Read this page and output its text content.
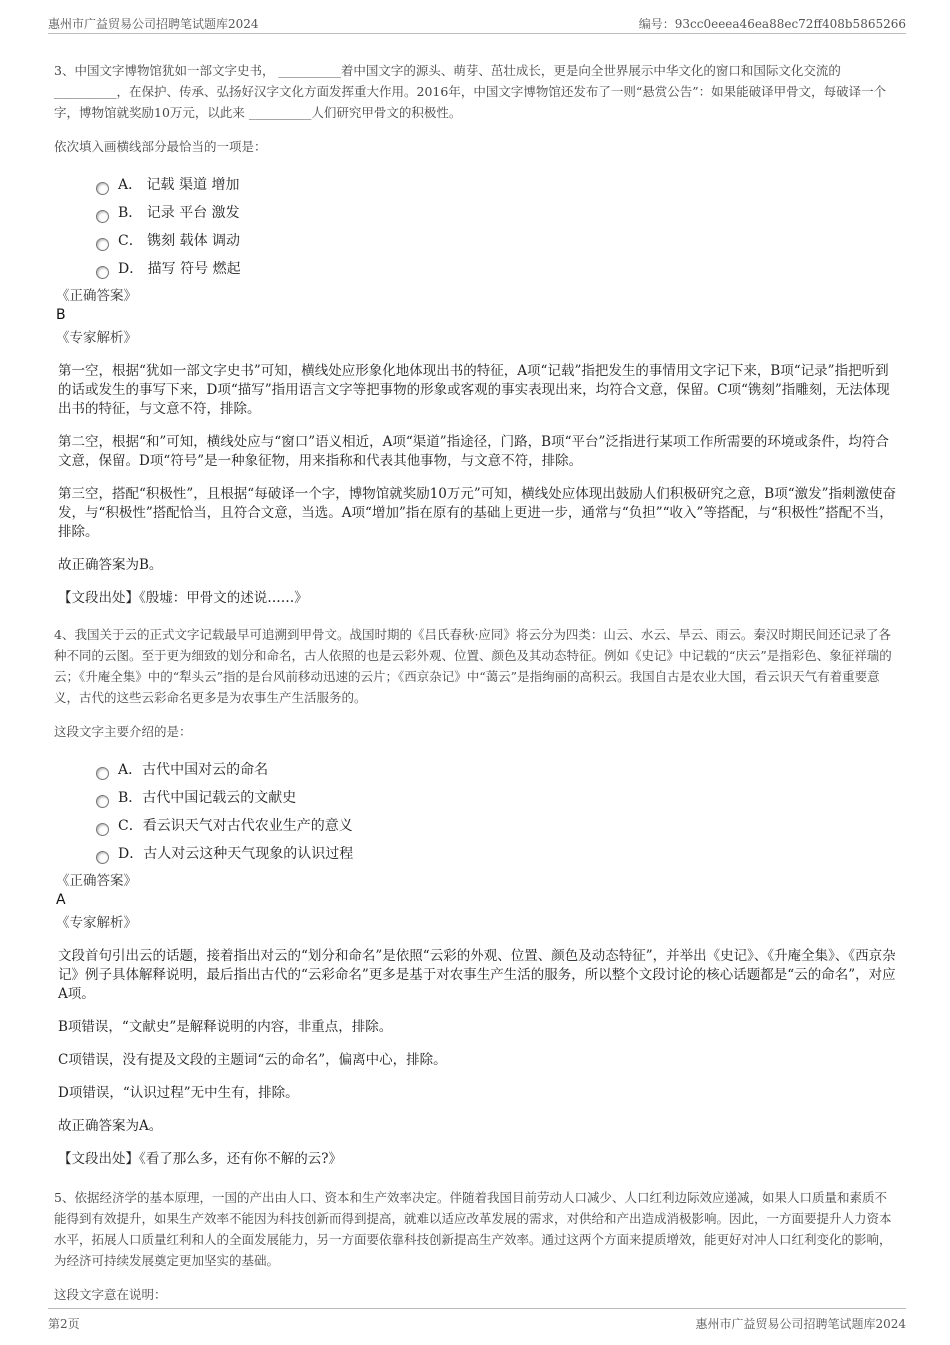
惠州市广益贸易公司招聘笔试题库2024	编号：93cc0eeea46ea88ec72ff408b5865266

3、中国文字博物馆犹如一部文字史书， __________着中国文字的源头、萌芽、茁壮成长，更是向全世界展示中华文化的窗口和国际文化交流的__________，在保护、传承、弘扬好汉字文化方面发挥重大作用。2016年，中国文字博物馆还发布了一则“悬赏公告”：如果能破译甲骨文，每破译一个字，博物馆就奖励10万元，以此来 __________人们研究甲骨文的积极性。

依次填入画横线部分最恰当的一项是：

A． 记载 渠道 增加
B． 记录 平台 激发
C． 镌刻 载体 调动
D． 描写 符号 燃起
《正确答案》
B
《专家解析》

第一空，根据“犹如一部文字史书”可知，横线处应形象化地体现出书的特征，A项“记载”指把发生的事情用文字记下来，B项“记录”指把听到的话或发生的事写下来，D项“描写”指用语言文字等把事物的形象或客观的事实表现出来，均符合文意，保留。C项“镌刻”指雕刻，无法体现出书的特征，与文意不符，排除。

第二空，根据“和”可知，横线处应与“窗口”语义相近，A项“渠道”指途径，门路，B项“平台”泛指进行某项工作所需要的环境或条件，均符合文意，保留。D项“符号”是一种象征物，用来指称和代表其他事物，与文意不符，排除。

第三空，搭配“积极性”，且根据“每破译一个字，博物馆就奖励10万元”可知，横线处应体现出鼓励人们积极研究之意，B项“激发”指刺激使奋发，与“积极性”搭配恰当，且符合文意，当选。A项“增加”指在原有的基础上更进一步，通常与“负担”“收入”等搭配，与“积极性”搭配不当，排除。

故正确答案为B。

【文段出处】《殷墟：甲骨文的述说……》

4、我国关于云的正式文字记载最早可追溯到甲骨文。战国时期的《吕氏春秋·应同》将云分为四类：山云、水云、旱云、雨云。秦汉时期民间还记录了各种不同的云图。至于更为细致的划分和命名，古人依照的也是云彩外观、位置、颜色及其动态特征。例如《史记》中记载的“庆云”是指彩色、象征祥瑞的云；《升庵全集》中的“犁头云”指的是台风前移动迅速的云片；《西京杂记》中“蔼云”是指绚丽的高积云。我国自古是农业大国，看云识天气有着重要意义，古代的这些云彩命名更多是为农事生产生活服务的。

这段文字主要介绍的是：

A．古代中国对云的命名
B．古代中国记载云的文献史
C．看云识天气对古代农业生产的意义
D．古人对云这种天气现象的认识过程
《正确答案》
A
《专家解析》

文段首句引出云的话题，接着指出对云的“划分和命名”是依照“云彩的外观、位置、颜色及动态特征”，并举出《史记》、《升庵全集》、《西京杂记》例子具体解释说明，最后指出古代的“云彩命名”更多是基于对农事生产生活的服务，所以整个文段讨论的核心话题都是“云的命名”，对应A项。

B项错误，“文献史”是解释说明的内容，非重点，排除。

C项错误，没有提及文段的主题词“云的命名”，偏离中心，排除。

D项错误，“认识过程”无中生有，排除。

故正确答案为A。

【文段出处】《看了那么多，还有你不解的云?》

5、依据经济学的基本原理，一国的产出由人口、资本和生产效率决定。伴随着我国目前劳动人口减少、人口红利边际效应递减，如果人口质量和素质不能得到有效提升，如果生产效率不能因为科技创新而得到提高，就难以适应改革发展的需求，对供给和产出造成消极影响。因此，一方面要提升人力资本水平，拓展人口质量红利和人的全面发展能力，另一方面要依靠科技创新提高生产效率。通过这两个方面来提质增效，能更好对冲人口红利变化的影响，为经济可持续发展奠定更加坚实的基础。

这段文字意在说明：

第2页	惠州市广益贸易公司招聘笔试题库2024
